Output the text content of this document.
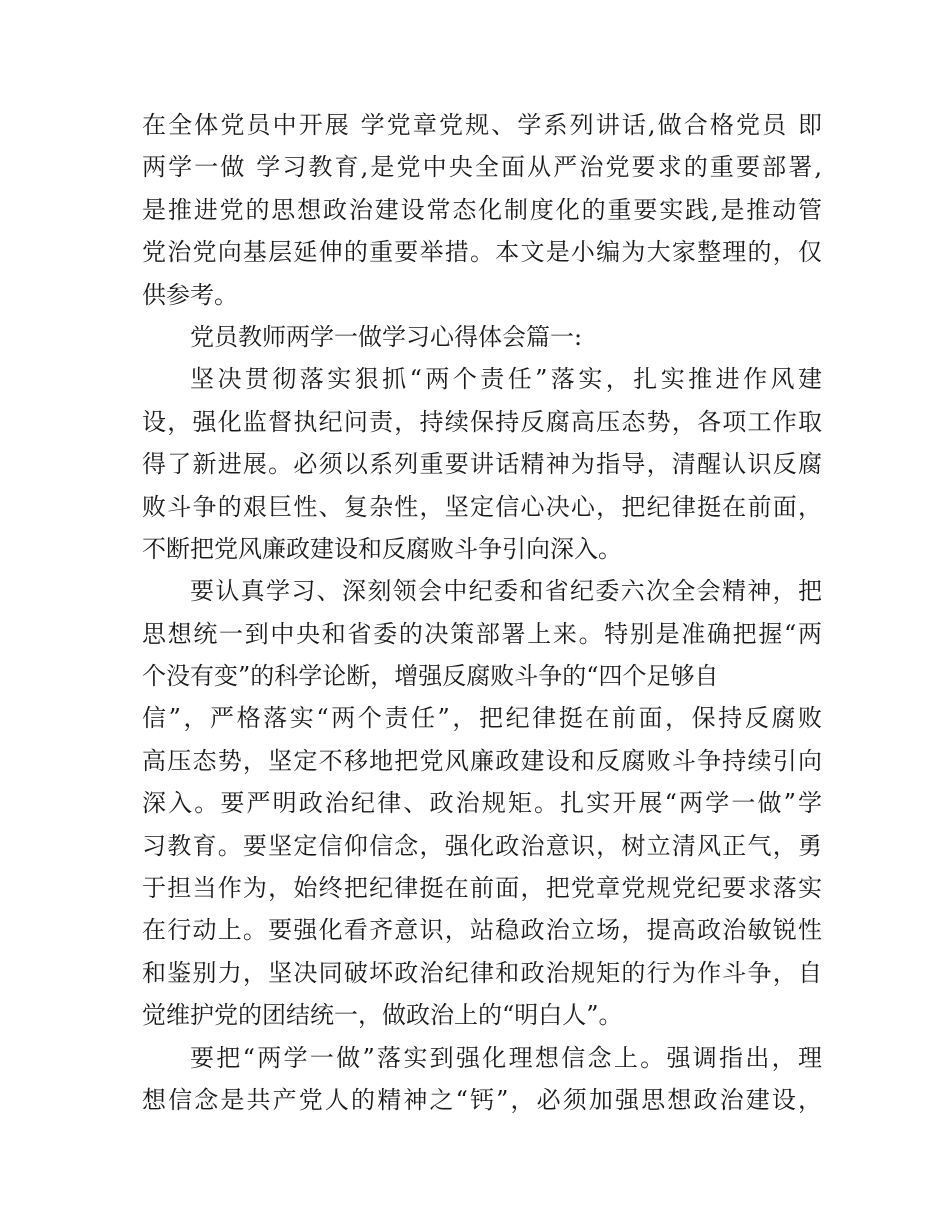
在全体党员中开展 学党章党规、学系列讲话,做合格党员 即
两学一做 学习教育,是党中央全面从严治党要求的重要部署,
是推进党的思想政治建设常态化制度化的重要实践,是推动管
党治党向基层延伸的重要举措。本文是小编为大家整理的，仅
供参考。
党员教师两学一做学习心得体会篇一:
坚决贯彻落实狠抓“两个责任”落实，扎实推进作风建
设，强化监督执纪问责，持续保持反腐高压态势，各项工作取
得了新进展。必须以系列重要讲话精神为指导，清醒认识反腐
败斗争的艰巨性、复杂性，坚定信心决心，把纪律挺在前面，
不断把党风廉政建设和反腐败斗争引向深入。
要认真学习、深刻领会中纪委和省纪委六次全会精神，把
思想统一到中央和省委的决策部署上来。特别是准确把握“两
个没有变”的科学论断，增强反腐败斗争的“四个足够自
信”，严格落实“两个责任”，把纪律挺在前面，保持反腐败
高压态势，坚定不移地把党风廉政建设和反腐败斗争持续引向
深入。要严明政治纪律、政治规矩。扎实开展“两学一做”学
习教育。要坚定信仰信念，强化政治意识，树立清风正气，勇
于担当作为，始终把纪律挺在前面，把党章党规党纪要求落实
在行动上。要强化看齐意识，站稳政治立场，提高政治敏锐性
和鉴别力，坚决同破坏政治纪律和政治规矩的行为作斗争，自
觉维护党的团结统一，做政治上的“明白人”。
要把“两学一做”落实到强化理想信念上。强调指出，理
想信念是共产党人的精神之“钙”，必须加强思想政治建设，
